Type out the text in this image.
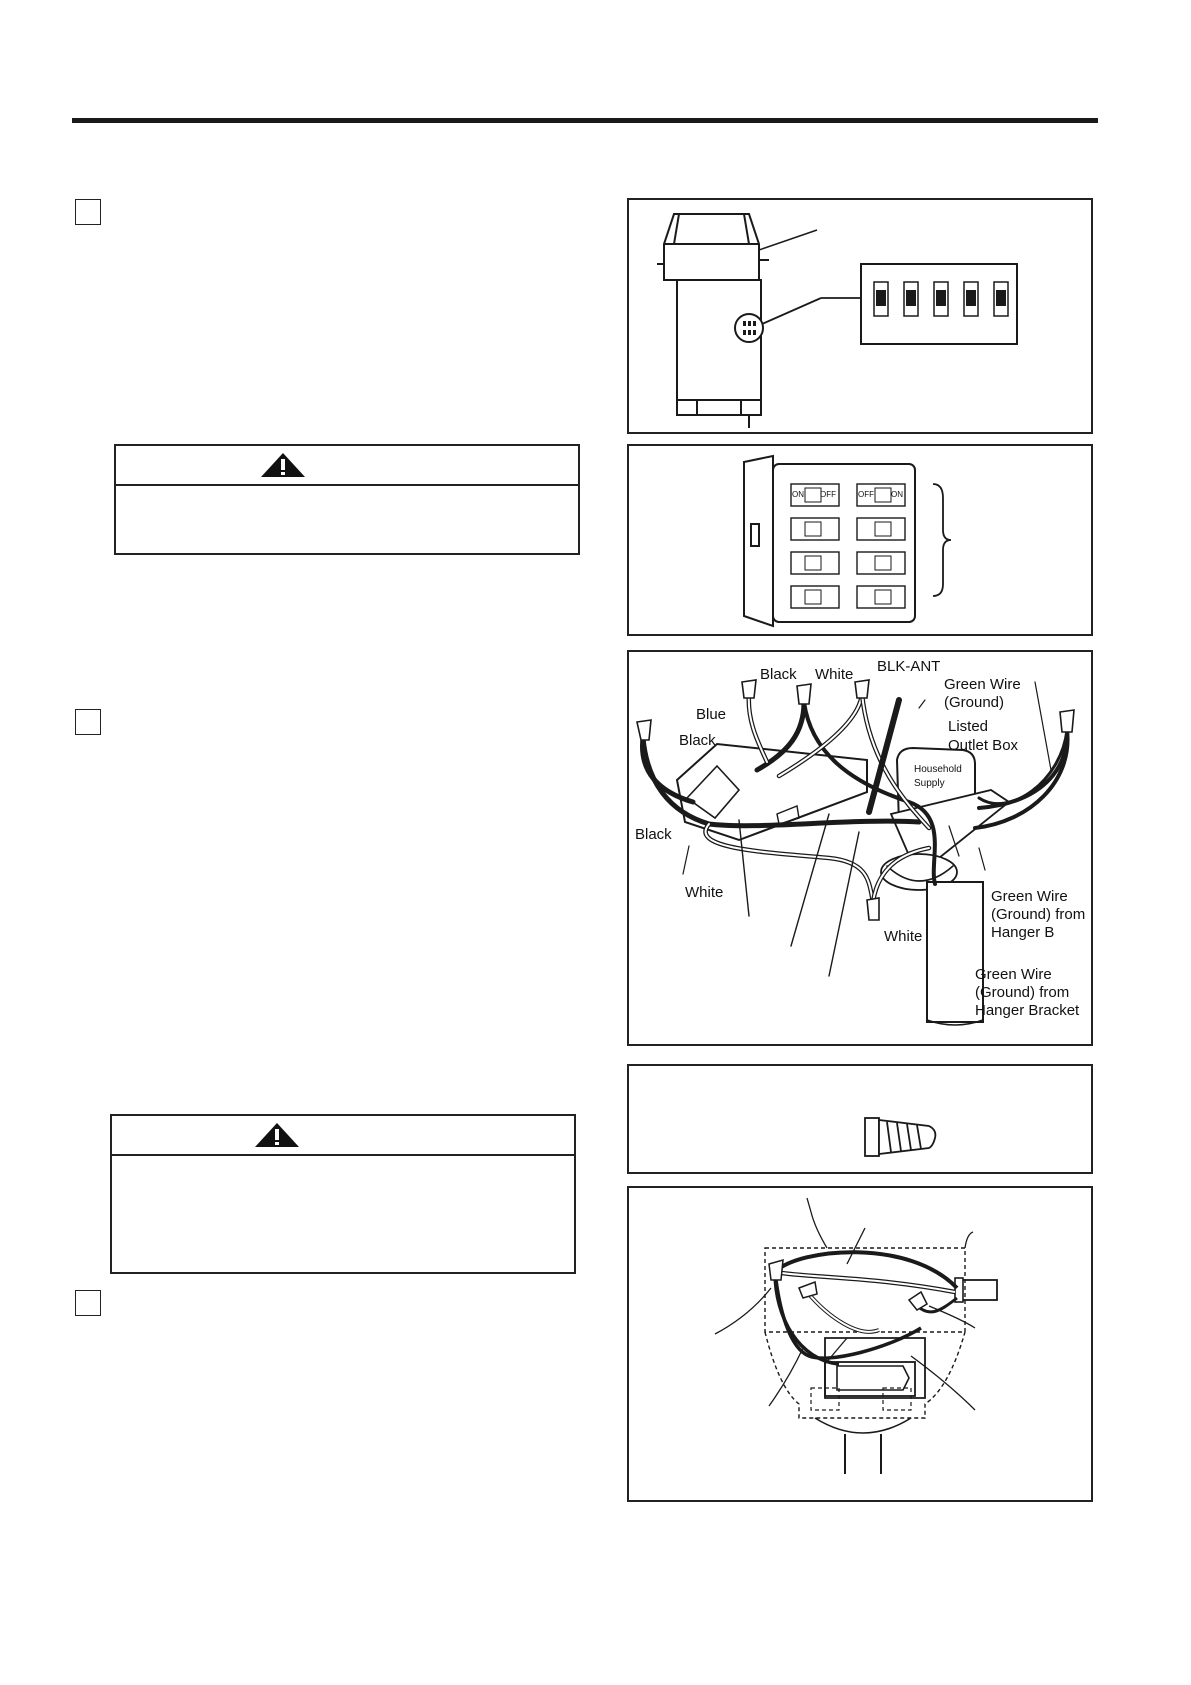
ON OFF	OFF ON
Black White BLK-ANT
Green Wire
(Ground)
Blue
Listed
Outlet Box
Black
Household
Supply
Black
White	Green Wire
(Ground) from
Hanger B
White
Green Wire
(Ground) from
Hanger Bracket
